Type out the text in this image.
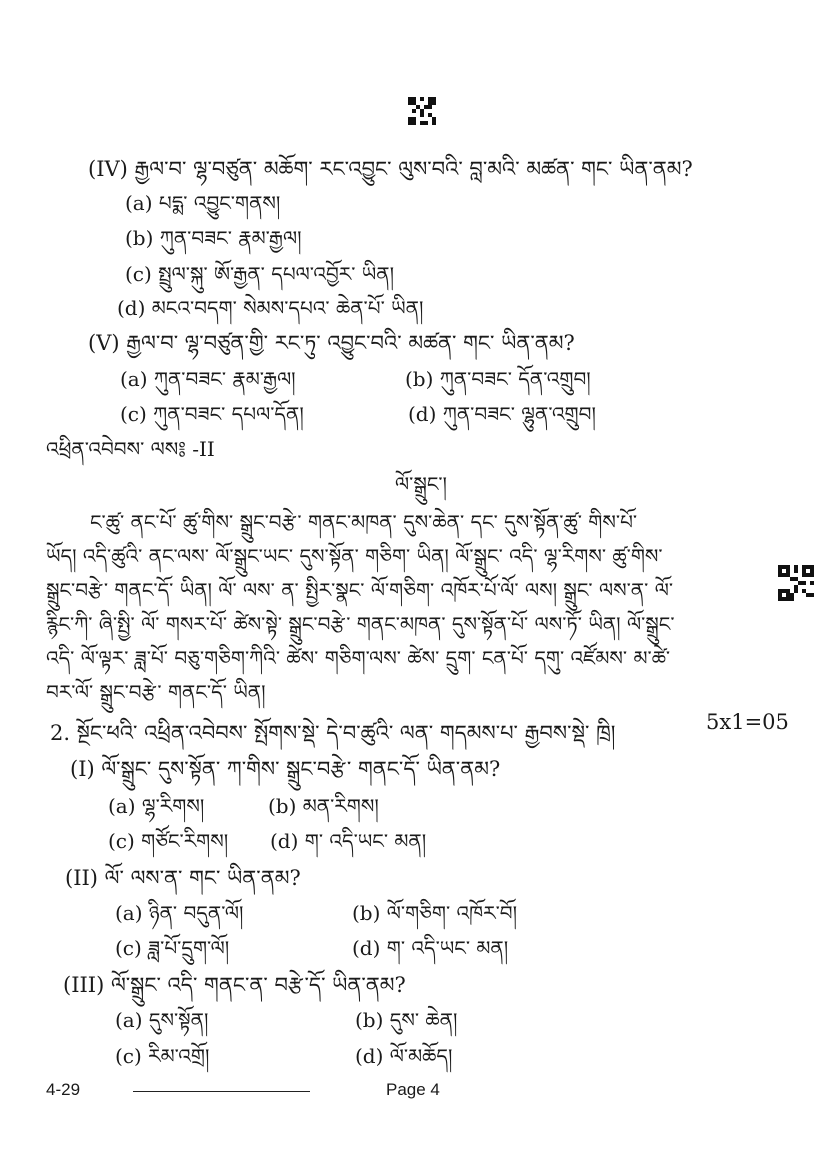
(IV) རྒྱལ་བ་ ལྷ་བཙུན་ མཆོག་ རང་འབྱུང་ ལུས་བའི་ བླ་མའི་ མཚན་ གང་ ཡིན་ནམ?
(a) པདྨ་ འབྱུང་གནས།
(b) ཀུན་བཟང་ རྣམ་རྒྱལ།
(c) སྤྲུལ་སྐུ་ ཨོ་རྒྱན་ དཔལ་འབྱོར་ ཡིན།
(d) མངའ་བདག་ སེམས་དཔའ་ ཆེན་པོ་ ཡིན།
(V) རྒྱལ་བ་ ལྷ་བཙུན་གྱི་ རང་ཏུ་ འབྱུང་བའི་ མཚན་ གང་ ཡིན་ནམ?
(a) ཀུན་བཟང་ རྣམ་རྒྱལ།	(b) ཀུན་བཟང་ དོན་འགྲུབ།
(c) ཀུན་བཟང་ དཔལ་དོན།	(d) ཀུན་བཟང་ ལྷུན་འགྲུབ།
འཕྲིན་འབེབས་ ལས༔ -II
ལོ་སྒྲུང་།
ང་ཚུ་ ནང་པོ་ ཚུ་གིས་ སྒྲུང་བརྩེ་ གནང་མཁན་ དུས་ཆེན་ དང་ དུས་སྟོན་ཚུ་ གིས་པོ་
ཡོད། འདི་ཚུའི་ ནང་ལས་ ལོ་སྒྲུང་ཡང་ དུས་སྟོན་ གཅིག་ ཡིན། ལོ་སྒྲུང་ འདི་ ལྷ་རིགས་ ཚུ་གིས་
སྒྲུང་བརྩེ་ གནང་དོ་ ཡིན། ལོ་ ལས་ ན་ སྤྱིར་སྣང་ ལོ་གཅིག་ འཁོར་པོ་ལོ་ ལས། སྒྲུང་ ལས་ན་ ལོ་
རྙིང་ཀི་ ཞི་སྤྱི་ ལོ་ གསར་པོ་ ཚེས་སྟེ་ སྒྲུང་བརྩེ་ གནང་མཁན་ དུས་སྟོན་པོ་ ལས་ཏོ་ ཡིན། ལོ་སྒྲུང་
འདི་ ལོ་ལྟར་ ཟླ་པོ་ བཅུ་གཅིག་ཀིའི་ ཚེས་ གཅིག་ལས་ ཚེས་ དྲུག་ ངན་པོ་ དགུ་ འཛོམས་ མ་ཚེ་
བར་ལོ་ སྒྲུང་བརྩེ་ གནང་དོ་ ཡིན།
2. སྔོང་ཕའི་ འཕྲིན་འབེབས་ སྤོགས་སྡེ་ དེ་བ་ཚུའི་ ལན་ གདམས་པ་ རྒྱབས་སྡེ་ ཁྲི།	5x1=05
(I) ལོ་སྒྲུང་ དུས་སྟོན་ ཀ་གིས་ སྒྲུང་བརྩེ་ གནང་དོ་ ཡིན་ནམ?
(a) ལྷ་རིགས།	(b) མན་རིགས།
(c) གཙོང་རིགས། (d) ག་ འདི་ཡང་ མན།
(II) ལོ་ ལས་ན་ གང་ ཡིན་ནམ?
(a) ཉིན་ བདུན་ལོ།	(b) ལོ་གཅིག་ འཁོར་བོ།
(c) ཟླ་པོ་དྲུག་ལོ།	(d) ག་ འདི་ཡང་ མན།
(III) ལོ་སྒྲུང་ འདི་ གནང་ན་ བརྩེ་དོ་ ཡིན་ནམ?
(a) དུས་སྟོན།	(b) དུས་ ཆེན།
(c) རིམ་འགྲོ།	(d) ལོ་མཆོད།
4-29	Page 4
